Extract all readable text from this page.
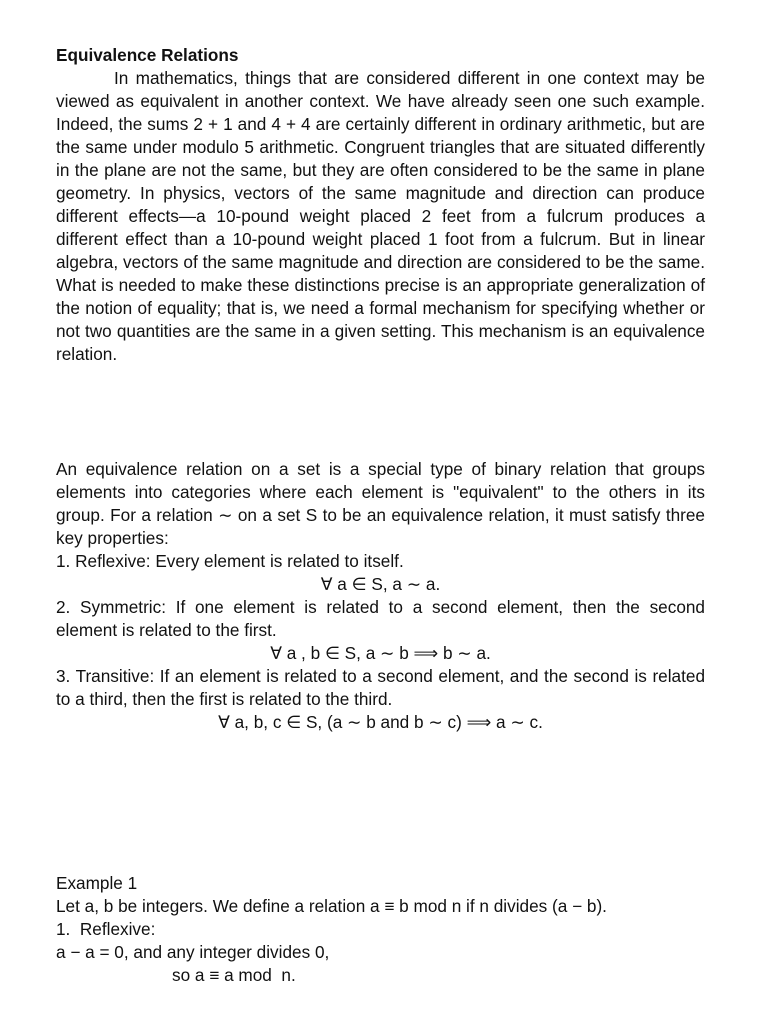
Equivalence Relations

In mathematics, things that are considered different in one context may be viewed as equivalent in another context. We have already seen one such example. Indeed, the sums 2 + 1 and 4 + 4 are certainly different in ordinary arithmetic, but are the same under modulo 5 arithmetic. Congruent triangles that are situated differently in the plane are not the same, but they are often considered to be the same in plane geometry. In physics, vectors of the same magnitude and direction can produce different effects—a 10-pound weight placed 2 feet from a fulcrum produces a different effect than a 10-pound weight placed 1 foot from a fulcrum. But in linear algebra, vectors of the same magnitude and direction are considered to be the same. What is needed to make these distinctions precise is an appropriate generalization of the notion of equality; that is, we need a formal mechanism for specifying whether or not two quantities are the same in a given setting. This mechanism is an equivalence relation.

An equivalence relation on a set is a special type of binary relation that groups elements into categories where each element is "equivalent" to the others in its group. For a relation ∼ on a set S to be an equivalence relation, it must satisfy three key properties:

1. Reflexive: Every element is related to itself.

∀ a ∈ S, a ∼ a.

2. Symmetric: If one element is related to a second element, then the second element is related to the first.

∀ a , b ∈ S, a ∼ b ⟹ b ∼ a.

3. Transitive: If an element is related to a second element, and the second is related to a third, then the first is related to the third.

∀ a, b, c ∈ S, (a ∼ b and b ∼ c) ⟹ a ∼ c.

Example 1

Let a, b be integers. We define a relation a ≡ b mod n if n divides (a − b).

1.  Reflexive:

a − a = 0, and any integer divides 0,

so a ≡ a mod  n.
